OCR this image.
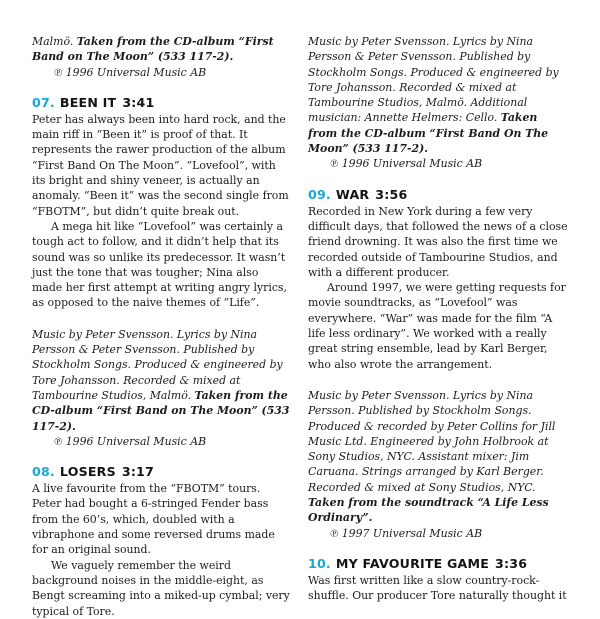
Malmö. Taken from the CD-album “First Band on The Moon” (533 117-2).

℗ 1996 Universal Music AB

07. BEEN IT 3:41

Peter has always been into hard rock, and the main riff in “Been it” is proof of that. It represents the rawer production of the album “First Band On The Moon”. “Lovefool”, with its bright and shiny veneer, is actually an anomaly. “Been it” was the second single from “FBOTM”, but didn’t quite break out.

A mega hit like “Lovefool” was certainly a tough act to follow, and it didn’t help that its sound was so unlike its predecessor. It wasn’t just the tone that was tougher; Nina also made her first attempt at writing angry lyrics, as opposed to the naive themes of “Life”.

Music by Peter Svensson. Lyrics by Nina Persson & Peter Svensson. Published by Stockholm Songs. Produced & engineered by Tore Johansson. Recorded & mixed at Tambourine Studios, Malmö. Taken from the CD-album “First Band on The Moon” (533 117-2).

℗ 1996 Universal Music AB

08. LOSERS 3:17

A live favourite from the “FBOTM” tours. Peter had bought a 6-stringed Fender bass from the 60’s, which, doubled with a vibraphone and some reversed drums made for an original sound.

We vaguely remember the weird background noises in the middle-eight, as Bengt screaming into a miked-up cymbal; very typical of Tore.

Music by Peter Svensson. Lyrics by Nina Persson & Peter Svensson. Published by Stockholm Songs. Produced & engineered by Tore Johansson. Recorded & mixed at Tambourine Studios, Malmö. Additional musician: Annette Helmers: Cello. Taken from the CD-album “First Band On The Moon” (533 117-2).

℗ 1996 Universal Music AB

09. WAR 3:56

Recorded in New York during a few very difficult days, that followed the news of a close friend drowning. It was also the first time we recorded outside of Tambourine Studios, and with a different producer.

Around 1997, we were getting requests for movie soundtracks, as “Lovefool” was everywhere. “War” was made for the film “A life less ordinary”. We worked with a really great string ensemble, lead by Karl Berger, who also wrote the arrangement.

Music by Peter Svensson. Lyrics by Nina Persson. Published by Stockholm Songs. Produced & recorded by Peter Collins for Jill Music Ltd. Engineered by John Holbrook at Sony Studios, NYC. Assistant mixer: Jim Caruana. Strings arranged by Karl Berger. Recorded & mixed at Sony Studios, NYC. Taken from the soundtrack “A Life Less Ordinary”.

℗ 1997 Universal Music AB

10. MY FAVOURITE GAME 3:36

Was first written like a slow country-rock-shuffle. Our producer Tore naturally thought it
